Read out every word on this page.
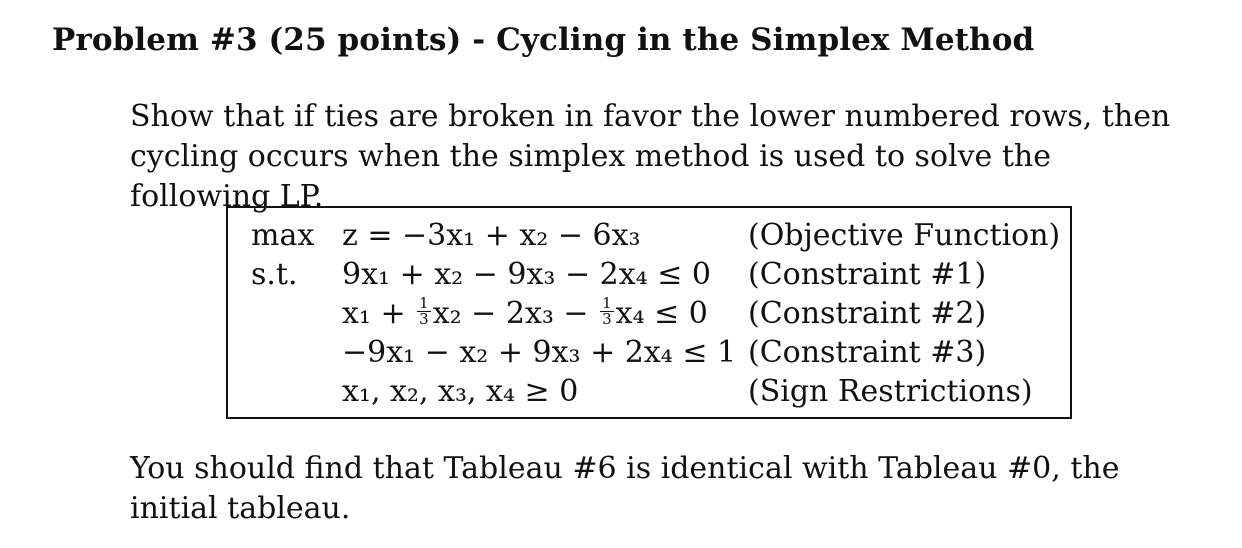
Problem #3 (25 points) - Cycling in the Simplex Method
Show that if ties are broken in favor the lower numbered rows, then cycling occurs when the simplex method is used to solve the following LP.
max z = −3x₁ + x₂ − 6x₃	(Objective Function)
s.t. 9x₁ + x₂ − 9x₃ − 2x₄ ≤ 0 (Constraint #1)
$x_1 + \frac{1}{3} x_2 - 2x_3 - \frac{1}{3} x_4 \le 0$ (Constraint #2)
−9x₁ − x₂ + 9x₃ + 2x₄ ≤ 1 (Constraint #3)
x₁, x₂, x₃, x₄ ≥ 0	(Sign Restrictions)
You should find that Tableau #6 is identical with Tableau #0, the initial tableau.
